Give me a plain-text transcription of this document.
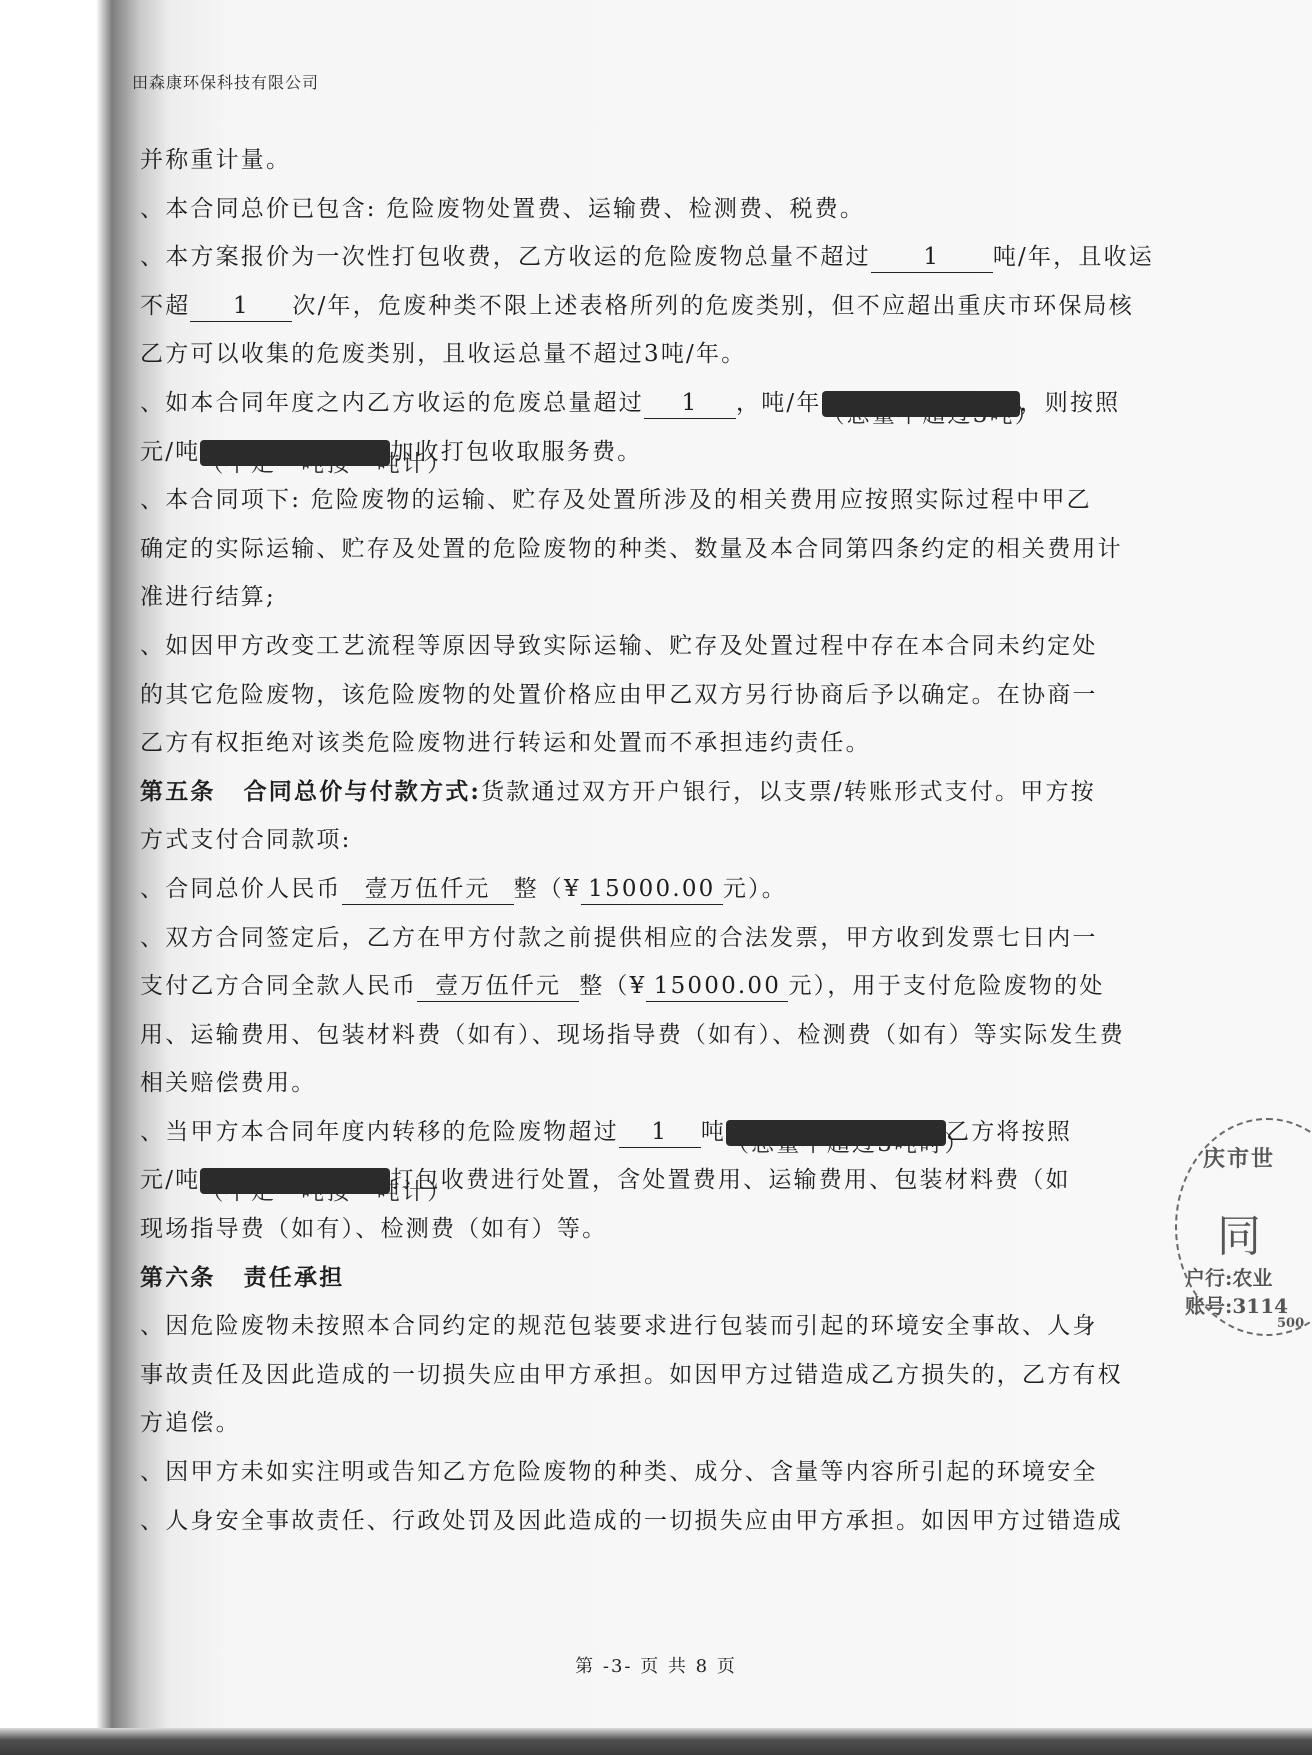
田森康环保科技有限公司
并称重计量。
、本合同总价已包含: 危险废物处置费、运输费、检测费、税费。
、本方案报价为一次性打包收费，乙方收运的危险废物总量不超过 1 吨/年，且收运
不超 1 次/年，危废种类不限上述表格所列的危废类别，但不应超出重庆市环保局核
乙方可以收集的危废类别，且收运总量不超过3吨/年。
、如本合同年度之内乙方收运的危废总量超过 1 ，吨/年（总量不超过3吨），则按照
元/吨（不足一吨按一吨计）加收打包收取服务费。
、本合同项下: 危险废物的运输、贮存及处置所涉及的相关费用应按照实际过程中甲乙
确定的实际运输、贮存及处置的危险废物的种类、数量及本合同第四条约定的相关费用计
准进行结算;
、如因甲方改变工艺流程等原因导致实际运输、贮存及处置过程中存在本合同未约定处
的其它危险废物，该危险废物的处置价格应由甲乙双方另行协商后予以确定。在协商一
乙方有权拒绝对该类危险废物进行转运和处置而不承担违约责任。
第五条 合同总价与付款方式:货款通过双方开户银行，以支票/转账形式支付。甲方按
方式支付合同款项:
、合同总价人民币 壹万伍仟元 整（¥ 15000.00 元）。
、双方合同签定后，乙方在甲方付款之前提供相应的合法发票，甲方收到发票七日内一
支付乙方合同全款人民币 壹万伍仟元 整（¥ 15000.00 元），用于支付危险废物的处
用、运输费用、包装材料费（如有）、现场指导费（如有）、检测费（如有）等实际发生费
相关赔偿费用。
、当甲方本合同年度内转移的危险废物超过 1 吨（总量不超过3吨时）乙方将按照
元/吨（不足一吨按一吨计）打包收费进行处置，含处置费用、运输费用、包装材料费（如
现场指导费（如有）、检测费（如有）等。
第六条 责任承担
、因危险废物未按照本合同约定的规范包装要求进行包装而引起的环境安全事故、人身
事故责任及因此造成的一切损失应由甲方承担。如因甲方过错造成乙方损失的，乙方有权
方追偿。
、因甲方未如实注明或告知乙方危险废物的种类、成分、含量等内容所引起的环境安全
、人身安全事故责任、行政处罚及因此造成的一切损失应由甲方承担。如因甲方过错造成
庆市世
同
户行:农业
账号:3114
500
第 -3- 页 共 8 页
